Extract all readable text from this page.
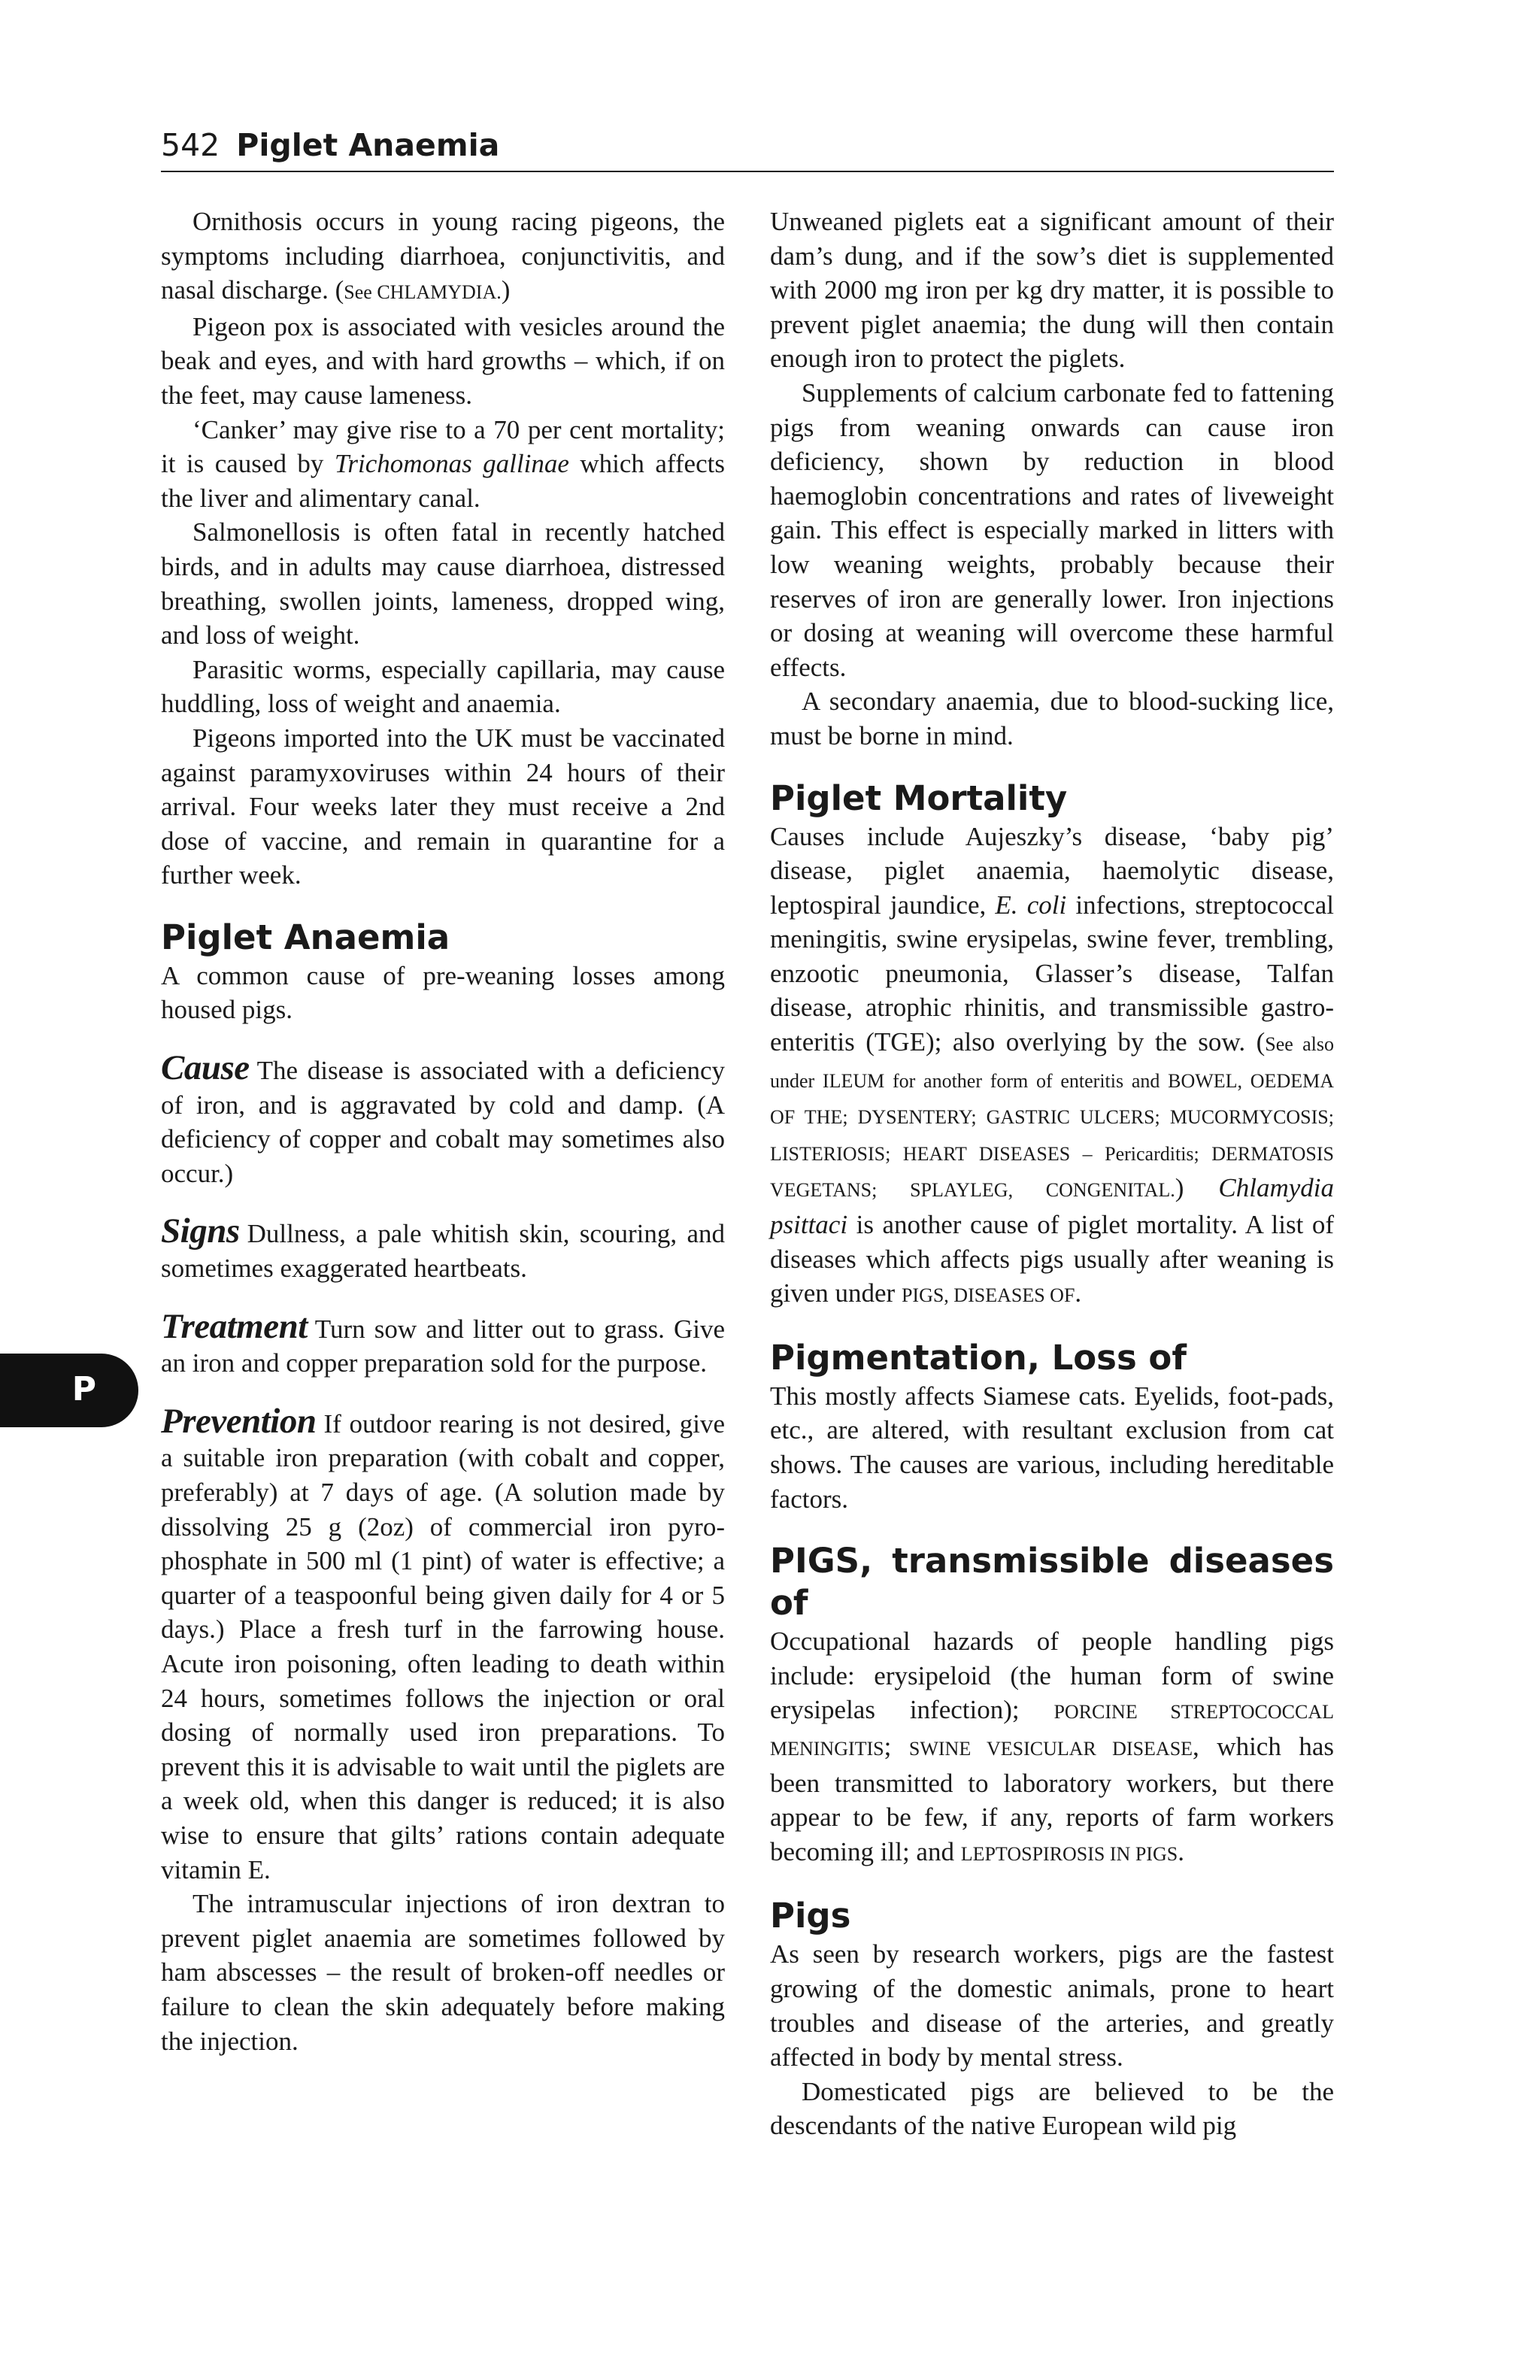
542 Piglet Anaemia
P

Ornithosis occurs in young racing pigeons, the symptoms including diarrhoea, conjunctivitis, and nasal discharge. (See CHLAMYDIA.)

Pigeon pox is associated with vesicles around the beak and eyes, and with hard growths – which, if on the feet, may cause lameness.

‘Canker’ may give rise to a 70 per cent mortality; it is caused by Trichomonas gallinae which affects the liver and alimentary canal.

Salmonellosis is often fatal in recently hatched birds, and in adults may cause diarrhoea, distressed breathing, swollen joints, lameness, dropped wing, and loss of weight.

Parasitic worms, especially capillaria, may cause huddling, loss of weight and anaemia.

Pigeons imported into the UK must be vaccinated against paramyxoviruses within 24 hours of their arrival. Four weeks later they must receive a 2nd dose of vaccine, and remain in quarantine for a further week.

Piglet Anaemia

A common cause of pre-weaning losses among housed pigs.

Cause The disease is associated with a deficiency of iron, and is aggravated by cold and damp. (A deficiency of copper and cobalt may sometimes also occur.)

Signs Dullness, a pale whitish skin, scouring, and sometimes exaggerated heartbeats.

Treatment Turn sow and litter out to grass. Give an iron and copper preparation sold for the purpose.

Prevention If outdoor rearing is not desired, give a suitable iron preparation (with cobalt and copper, preferably) at 7 days of age. (A solution made by dissolving 25 g (2oz) of commercial iron pyro-phosphate in 500 ml (1 pint) of water is effective; a quarter of a teaspoonful being given daily for 4 or 5 days.) Place a fresh turf in the farrowing house. Acute iron poisoning, often leading to death within 24 hours, sometimes follows the injection or oral dosing of normally used iron preparations. To prevent this it is advisable to wait until the piglets are a week old, when this danger is reduced; it is also wise to ensure that gilts’ rations contain adequate vitamin E.

The intramuscular injections of iron dextran to prevent piglet anaemia are sometimes followed by ham abscesses – the result of broken-off needles or failure to clean the skin adequately before making the injection.

Unweaned piglets eat a significant amount of their dam’s dung, and if the sow’s diet is supplemented with 2000 mg iron per kg dry matter, it is possible to prevent piglet anaemia; the dung will then contain enough iron to protect the piglets.

Supplements of calcium carbonate fed to fattening pigs from weaning onwards can cause iron deficiency, shown by reduction in blood haemoglobin concentrations and rates of liveweight gain. This effect is especially marked in litters with low weaning weights, probably because their reserves of iron are generally lower. Iron injections or dosing at weaning will overcome these harmful effects.

A secondary anaemia, due to blood-sucking lice, must be borne in mind.

Piglet Mortality

Causes include Aujeszky’s disease, ‘baby pig’ disease, piglet anaemia, haemolytic disease, leptospiral jaundice, E. coli infections, streptococcal meningitis, swine erysipelas, swine fever, trembling, enzootic pneumonia, Glasser’s disease, Talfan disease, atrophic rhinitis, and transmissible gastro-enteritis (TGE); also overlying by the sow. (See also under ILEUM for another form of enteritis and BOWEL, OEDEMA OF THE; DYSENTERY; GASTRIC ULCERS; MUCORMYCOSIS; LISTERIOSIS; HEART DISEASES – Pericarditis; DERMATOSIS VEGETANS; SPLAYLEG, CONGENITAL.) Chlamydia psittaci is another cause of piglet mortality. A list of diseases which affects pigs usually after weaning is given under PIGS, DISEASES OF.

Pigmentation, Loss of

This mostly affects Siamese cats. Eyelids, foot-pads, etc., are altered, with resultant exclusion from cat shows. The causes are various, including hereditable factors.

PIGS, transmissible diseases of

Occupational hazards of people handling pigs include: erysipeloid (the human form of swine erysipelas infection); PORCINE STREPTOCOCCAL MENINGITIS; SWINE VESICULAR DISEASE, which has been transmitted to laboratory workers, but there appear to be few, if any, reports of farm workers becoming ill; and LEPTOSPIROSIS IN PIGS.

Pigs

As seen by research workers, pigs are the fastest growing of the domestic animals, prone to heart troubles and disease of the arteries, and greatly affected in body by mental stress.

Domesticated pigs are believed to be the descendants of the native European wild pig
